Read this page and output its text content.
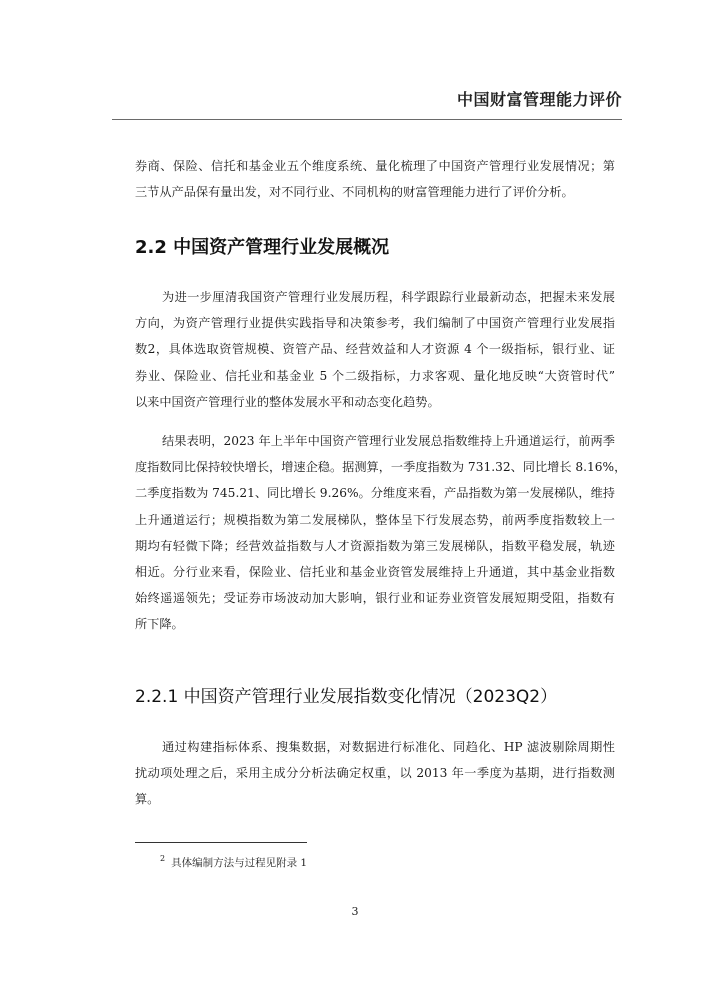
中国财富管理能力评价
券商、保险、信托和基金业五个维度系统、量化梳理了中国资产管理行业发展情况；第
三节从产品保有量出发，对不同行业、不同机构的财富管理能力进行了评价分析。
2.2 中国资产管理行业发展概况
为进一步厘清我国资产管理行业发展历程，科学跟踪行业最新动态，把握未来发展
方向，为资产管理行业提供实践指导和决策参考，我们编制了中国资产管理行业发展指
数2，具体选取资管规模、资管产品、经营效益和人才资源 4 个一级指标，银行业、证
券业、保险业、信托业和基金业 5 个二级指标，力求客观、量化地反映“大资管时代”
以来中国资产管理行业的整体发展水平和动态变化趋势。
结果表明，2023 年上半年中国资产管理行业发展总指数维持上升通道运行，前两季
度指数同比保持较快增长，增速企稳。据测算，一季度指数为 731.32、同比增长 8.16%，
二季度指数为 745.21、同比增长 9.26%。分维度来看，产品指数为第一发展梯队，维持
上升通道运行；规模指数为第二发展梯队，整体呈下行发展态势，前两季度指数较上一
期均有轻微下降；经营效益指数与人才资源指数为第三发展梯队，指数平稳发展，轨迹
相近。分行业来看，保险业、信托业和基金业资管发展维持上升通道，其中基金业指数
始终遥遥领先；受证券市场波动加大影响，银行业和证券业资管发展短期受阻，指数有
所下降。
2.2.1 中国资产管理行业发展指数变化情况（2023Q2）
通过构建指标体系、搜集数据，对数据进行标准化、同趋化、HP 滤波剔除周期性
扰动项处理之后，采用主成分分析法确定权重，以 2013 年一季度为基期，进行指数测
算。
$^2$ 具体编制方法与过程见附录 1
3
